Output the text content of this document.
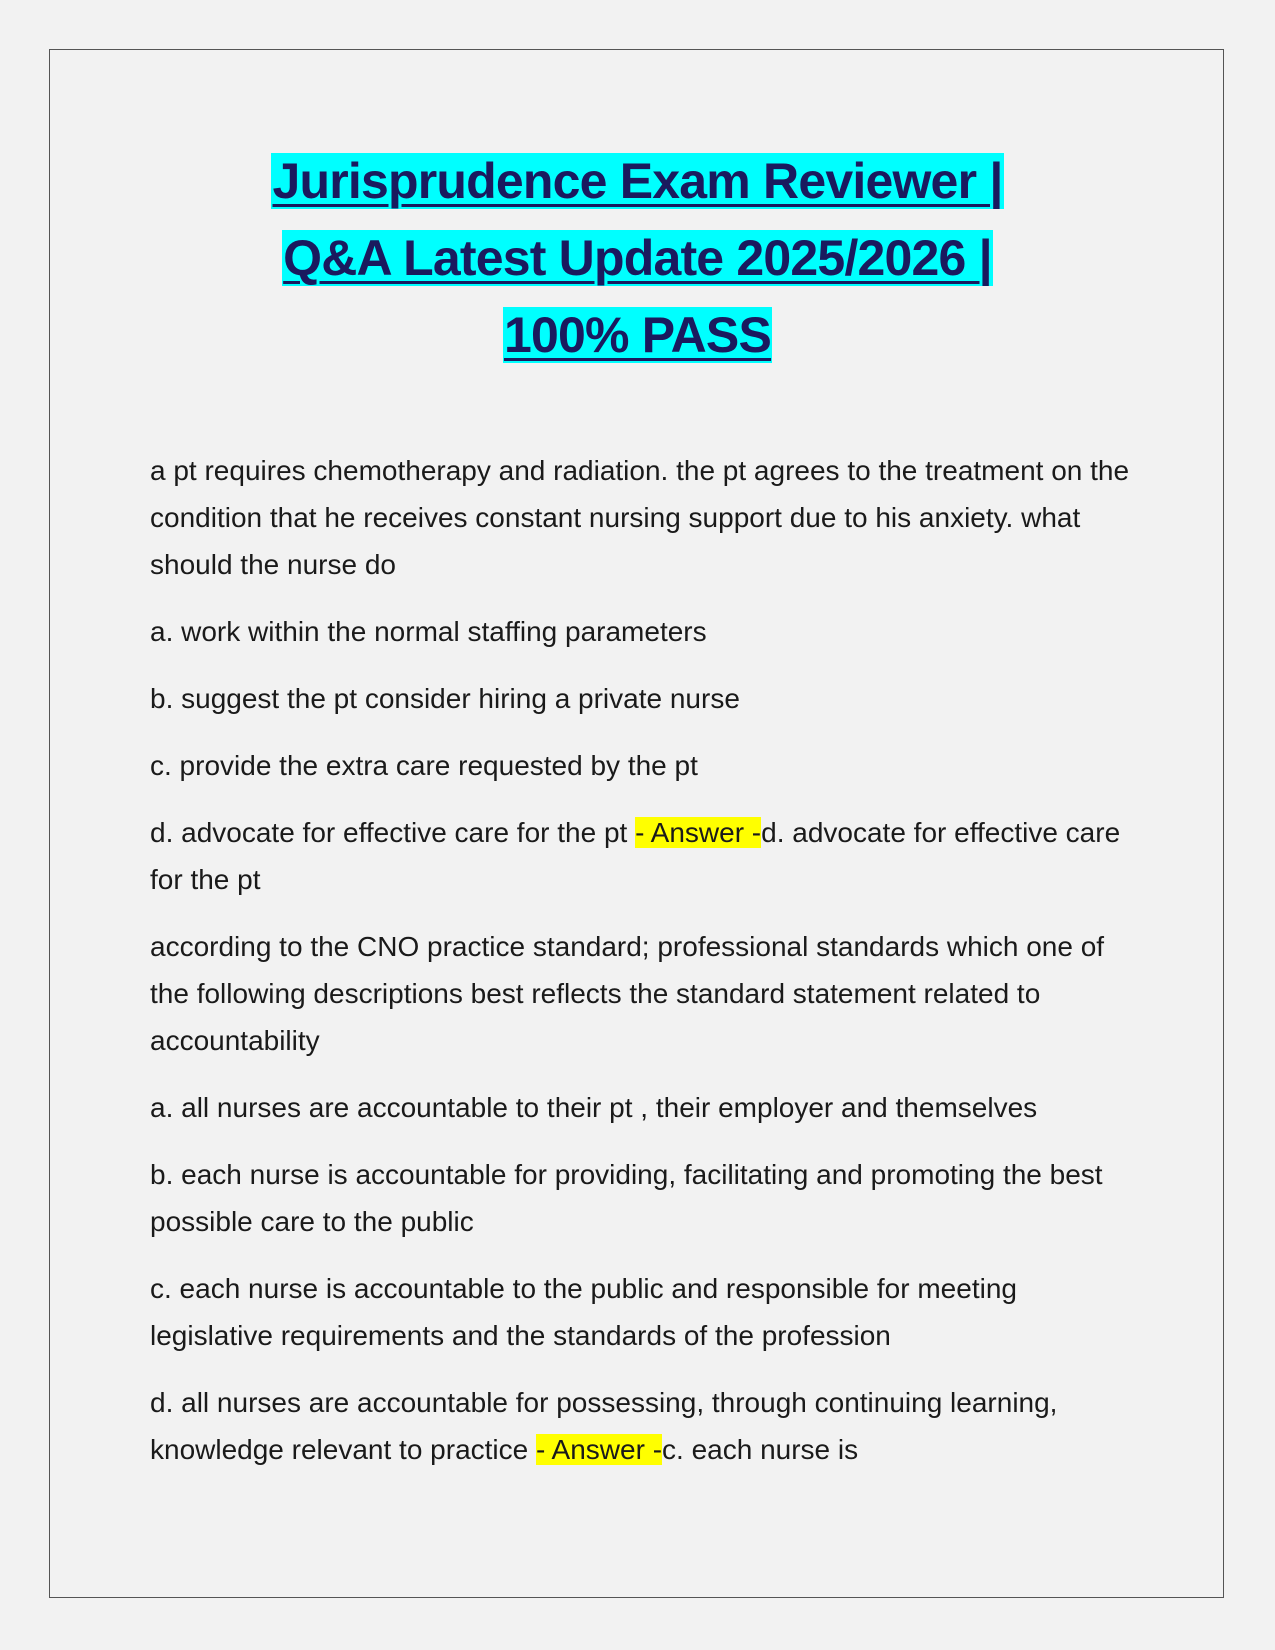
Jurisprudence Exam Reviewer |
Q&A Latest Update 2025/2026 |
100% PASS

a pt requires chemotherapy and radiation. the pt agrees to the treatment on the condition that he receives constant nursing support due to his anxiety. what should the nurse do

a. work within the normal staffing parameters

b. suggest the pt consider hiring a private nurse

c. provide the extra care requested by the pt

d. advocate for effective care for the pt - Answer -d. advocate for effective care for the pt

according to the CNO practice standard; professional standards which one of the following descriptions best reflects the standard statement related to accountability

a. all nurses are accountable to their pt , their employer and themselves

b. each nurse is accountable for providing, facilitating and promoting the best possible care to the public

c. each nurse is accountable to the public and responsible for meeting legislative requirements and the standards of the profession

d. all nurses are accountable for possessing, through continuing learning, knowledge relevant to practice - Answer -c. each nurse is
